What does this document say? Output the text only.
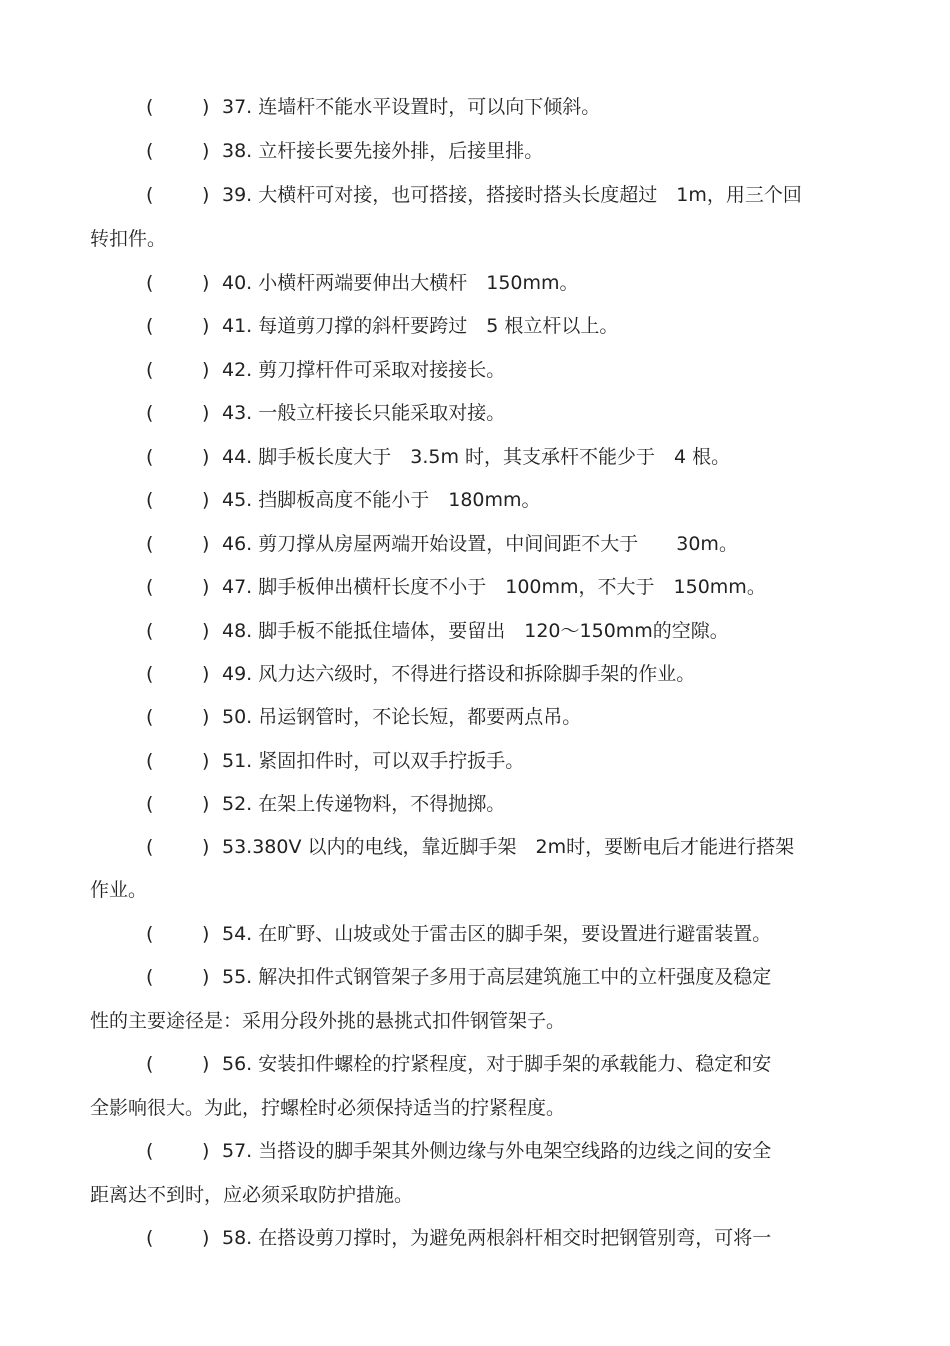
(	) 37. 连墙杆不能水平设置时，可以向下倾斜。
(	) 38. 立杆接长要先接外排，后接里排。
(	) 39. 大横杆可对接，也可搭接，搭接时搭头长度超过　1m，用三个回
转扣件。
(	) 40. 小横杆两端要伸出大横杆　150mm。
(	) 41. 每道剪刀撑的斜杆要跨过　5 根立杆以上。
(	) 42. 剪刀撑杆件可采取对接接长。
(	) 43. 一般立杆接长只能采取对接。
(	) 44. 脚手板长度大于　3.5m 时，其支承杆不能少于　4 根。
(	) 45. 挡脚板高度不能小于　180mm。
(	) 46. 剪刀撑从房屋两端开始设置，中间间距不大于　　30m。
(	) 47. 脚手板伸出横杆长度不小于　100mm，不大于　150mm。
(	) 48. 脚手板不能抵住墙体，要留出　120～150mm的空隙。
(	) 49. 风力达六级时，不得进行搭设和拆除脚手架的作业。
(	) 50. 吊运钢管时，不论长短，都要两点吊。
(	) 51. 紧固扣件时，可以双手拧扳手。
(	) 52. 在架上传递物料，不得抛掷。
(	) 53.380V 以内的电线，靠近脚手架　2m时，要断电后才能进行搭架
作业。
(	) 54. 在旷野、山坡或处于雷击区的脚手架，要设置进行避雷装置。
(	) 55. 解决扣件式钢管架子多用于高层建筑施工中的立杆强度及稳定
性的主要途径是：采用分段外挑的悬挑式扣件钢管架子。
(	) 56. 安装扣件螺栓的拧紧程度，对于脚手架的承载能力、稳定和安
全影响很大。为此，拧螺栓时必须保持适当的拧紧程度。
(	) 57. 当搭设的脚手架其外侧边缘与外电架空线路的边线之间的安全
距离达不到时，应必须采取防护措施。
(	) 58. 在搭设剪刀撑时，为避免两根斜杆相交时把钢管别弯，可将一
